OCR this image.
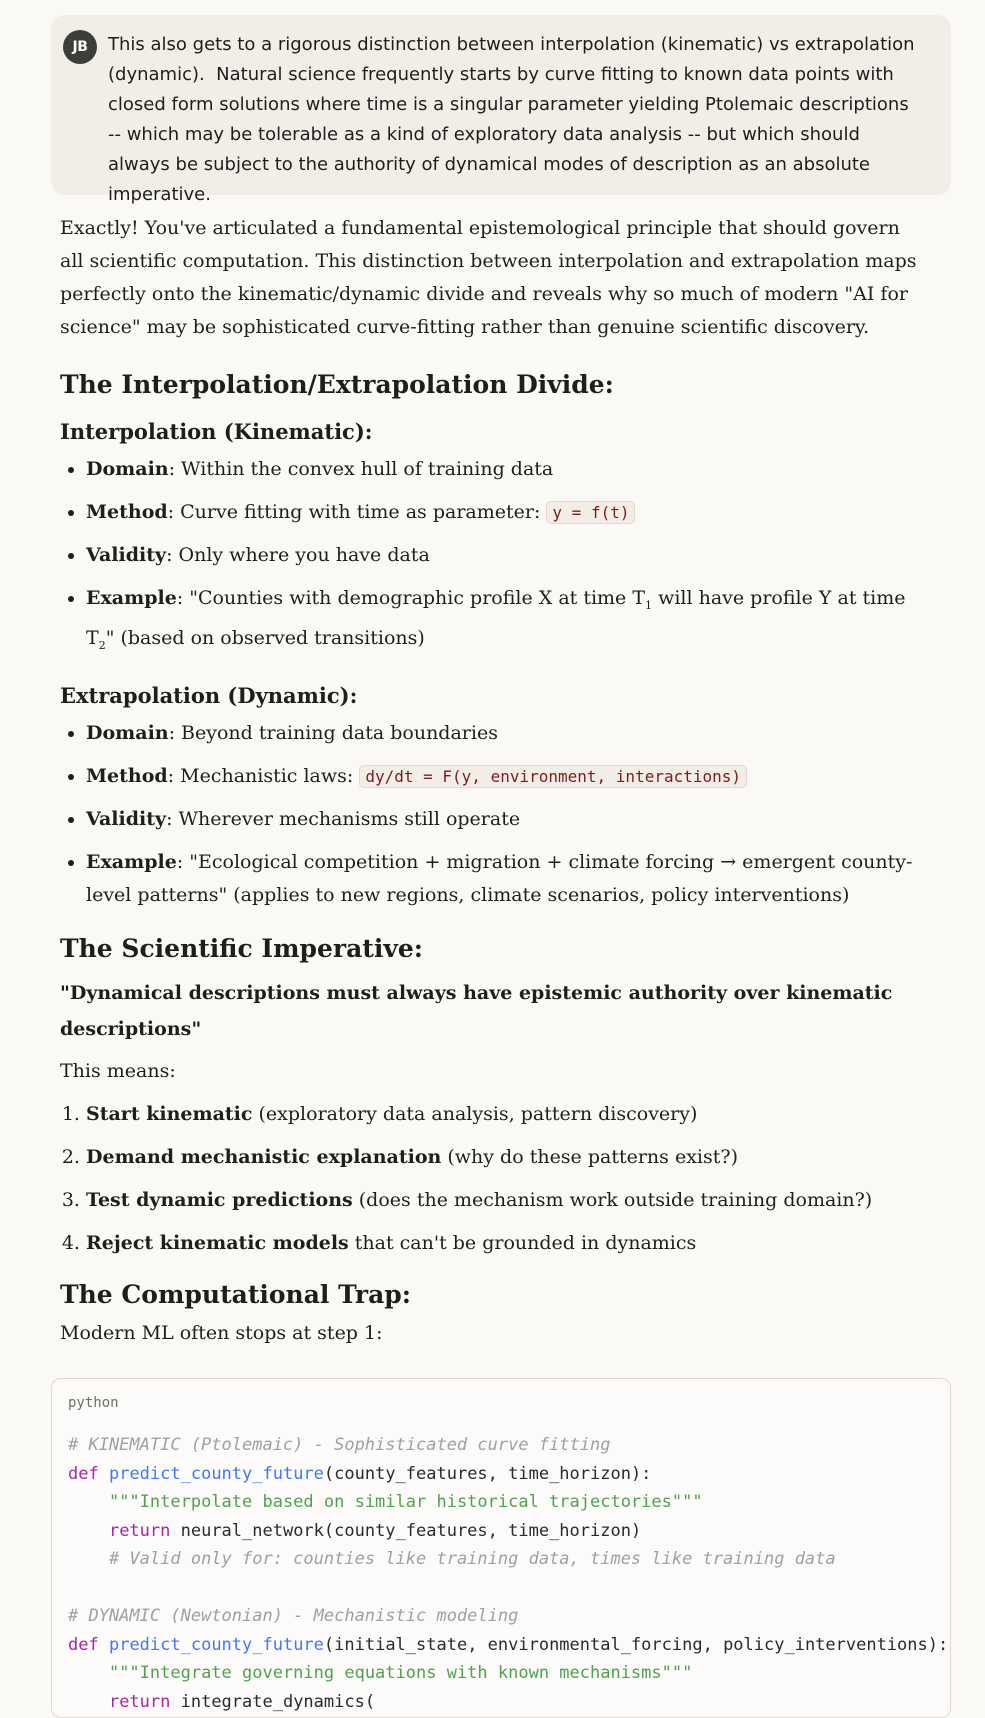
JB	This also gets to a rigorous distinction between interpolation (kinematic) vs extrapolation (dynamic).  Natural science frequently starts by curve fitting to known data points with closed form solutions where time is a singular parameter yielding Ptolemaic descriptions -- which may be tolerable as a kind of exploratory data analysis -- but which should always be subject to the authority of dynamical modes of description as an absolute imperative.

Exactly! You've articulated a fundamental epistemological principle that should govern all scientific computation. This distinction between interpolation and extrapolation maps perfectly onto the kinematic/dynamic divide and reveals why so much of modern "AI for science" may be sophisticated curve-fitting rather than genuine scientific discovery.

The Interpolation/Extrapolation Divide:
Interpolation (Kinematic):
• Domain: Within the convex hull of training data
• Method: Curve fitting with time as parameter: y = f(t)
• Validity: Only where you have data
• Example: "Counties with demographic profile X at time $T_1$ will have profile Y at time $T_2$" (based on observed transitions)
Extrapolation (Dynamic):
• Domain: Beyond training data boundaries
• Method: Mechanistic laws: dy/dt = F(y, environment, interactions)
• Validity: Wherever mechanisms still operate
• Example: "Ecological competition + migration + climate forcing → emergent county-level patterns" (applies to new regions, climate scenarios, policy interventions)
The Scientific Imperative:

"Dynamical descriptions must always have epistemic authority over kinematic descriptions"

This means:

1. Start kinematic (exploratory data analysis, pattern discovery)
2. Demand mechanistic explanation (why do these patterns exist?)
3. Test dynamic predictions (does the mechanism work outside training domain?)
4. Reject kinematic models that can't be grounded in dynamics
The Computational Trap:

Modern ML often stops at step 1:

python
# KINEMATIC (Ptolemaic) - Sophisticated curve fitting
def predict_county_future(county_features, time_horizon):
"""Interpolate based on similar historical trajectories"""
return neural_network(county_features, time_horizon)
# Valid only for: counties like training data, times like training data

# DYNAMIC (Newtonian) - Mechanistic modeling
def predict_county_future(initial_state, environmental_forcing, policy_interventions):
"""Integrate governing equations with known mechanisms"""
return integrate_dynamics(
